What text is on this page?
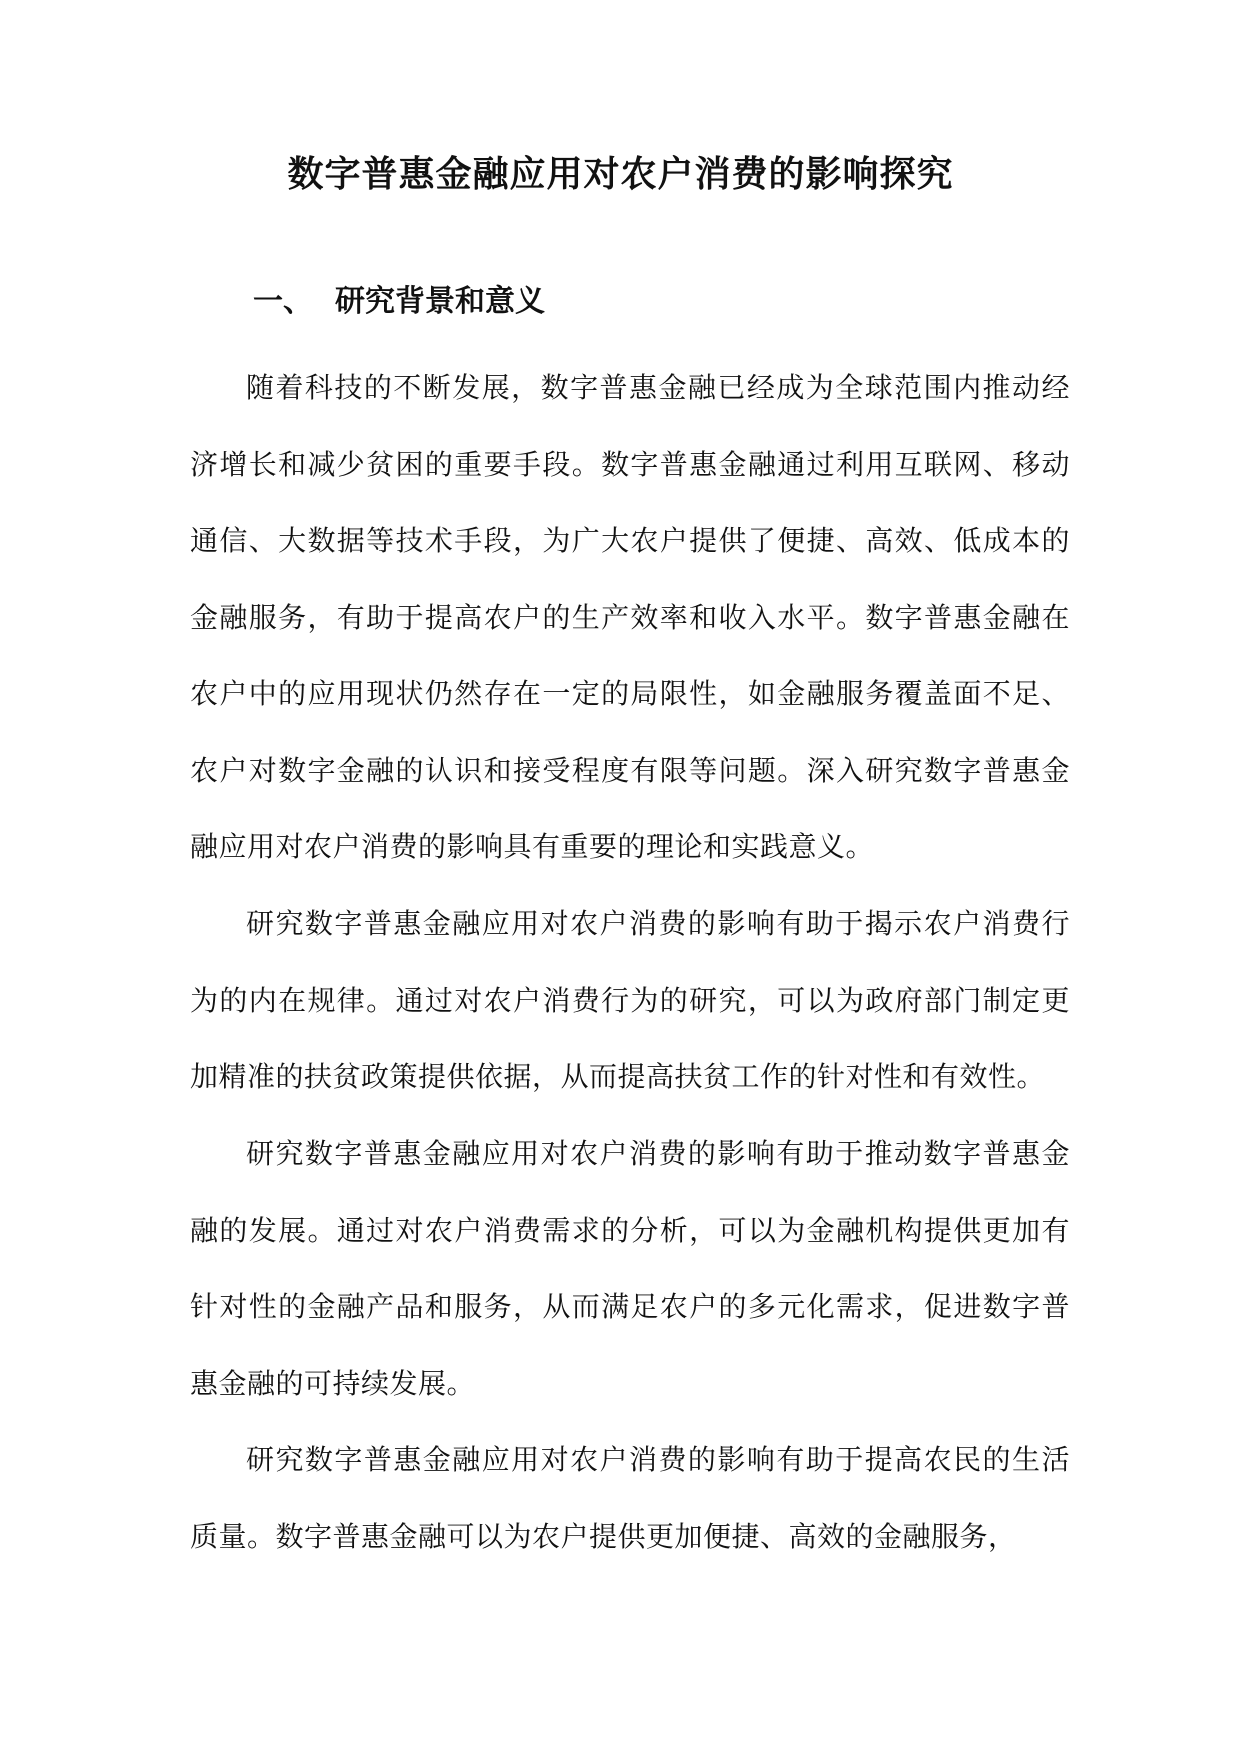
数字普惠金融应用对农户消费的影响探究
一、 研究背景和意义

随着科技的不断发展，数字普惠金融已经成为全球范围内推动经济增长和减少贫困的重要手段。数字普惠金融通过利用互联网、移动通信、大数据等技术手段，为广大农户提供了便捷、高效、低成本的金融服务，有助于提高农户的生产效率和收入水平。数字普惠金融在农户中的应用现状仍然存在一定的局限性，如金融服务覆盖面不足、农户对数字金融的认识和接受程度有限等问题。深入研究数字普惠金融应用对农户消费的影响具有重要的理论和实践意义。

研究数字普惠金融应用对农户消费的影响有助于揭示农户消费行为的内在规律。通过对农户消费行为的研究，可以为政府部门制定更加精准的扶贫政策提供依据，从而提高扶贫工作的针对性和有效性。

研究数字普惠金融应用对农户消费的影响有助于推动数字普惠金融的发展。通过对农户消费需求的分析，可以为金融机构提供更加有针对性的金融产品和服务，从而满足农户的多元化需求，促进数字普惠金融的可持续发展。

研究数字普惠金融应用对农户消费的影响有助于提高农民的生活质量。数字普惠金融可以为农户提供更加便捷、高效的金融服务，
